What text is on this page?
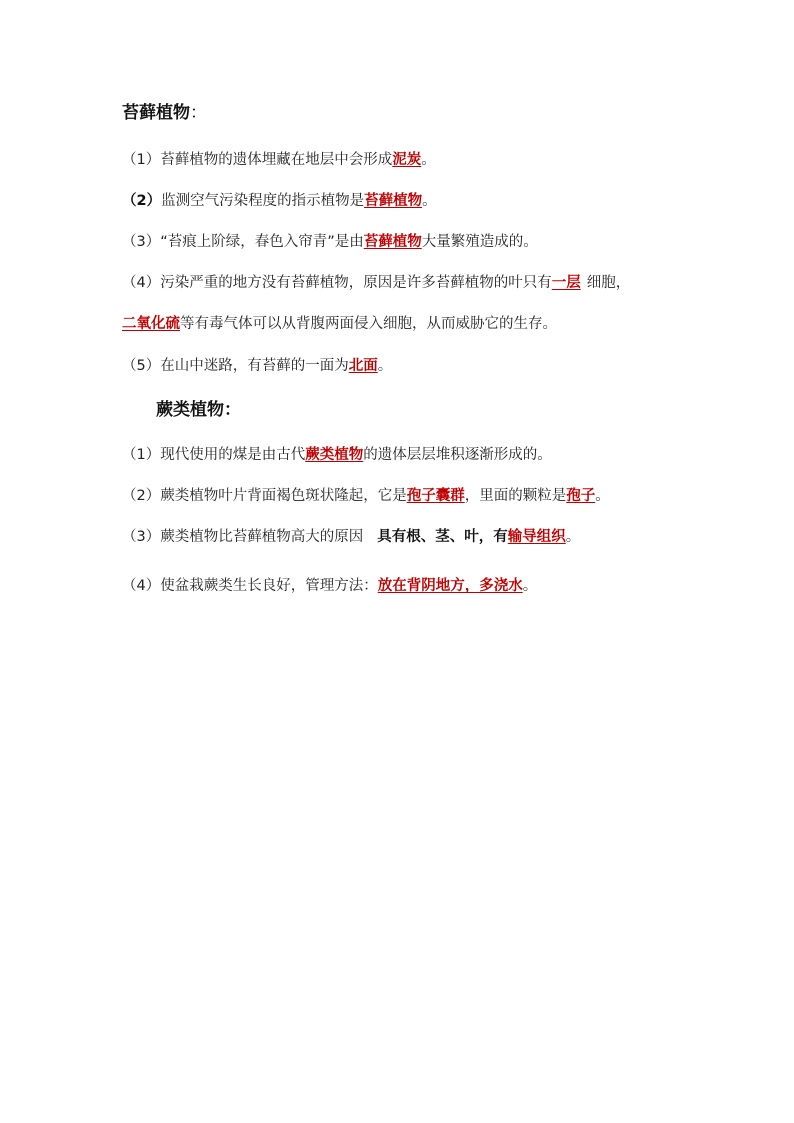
苔藓植物：
（1）苔藓植物的遗体埋藏在地层中会形成泥炭。
（2）监测空气污染程度的指示植物是苔藓植物。
（3）“苔痕上阶绿，春色入帘青”是由苔藓植物大量繁殖造成的。
（4）污染严重的地方没有苔藓植物，原因是许多苔藓植物的叶只有一层 细胞，
二氧化硫等有毒气体可以从背腹两面侵入细胞，从而威胁它的生存。
（5）在山中迷路，有苔藓的一面为北面。
蕨类植物：
（1）现代使用的煤是由古代蕨类植物的遗体层层堆积逐渐形成的。
（2）蕨类植物叶片背面褐色斑状隆起，它是孢子囊群，里面的颗粒是孢子。
（3）蕨类植物比苔藓植物高大的原因 具有根、茎、叶，有输导组织。
（4）使盆栽蕨类生长良好，管理方法：放在背阴地方，多浇水。
